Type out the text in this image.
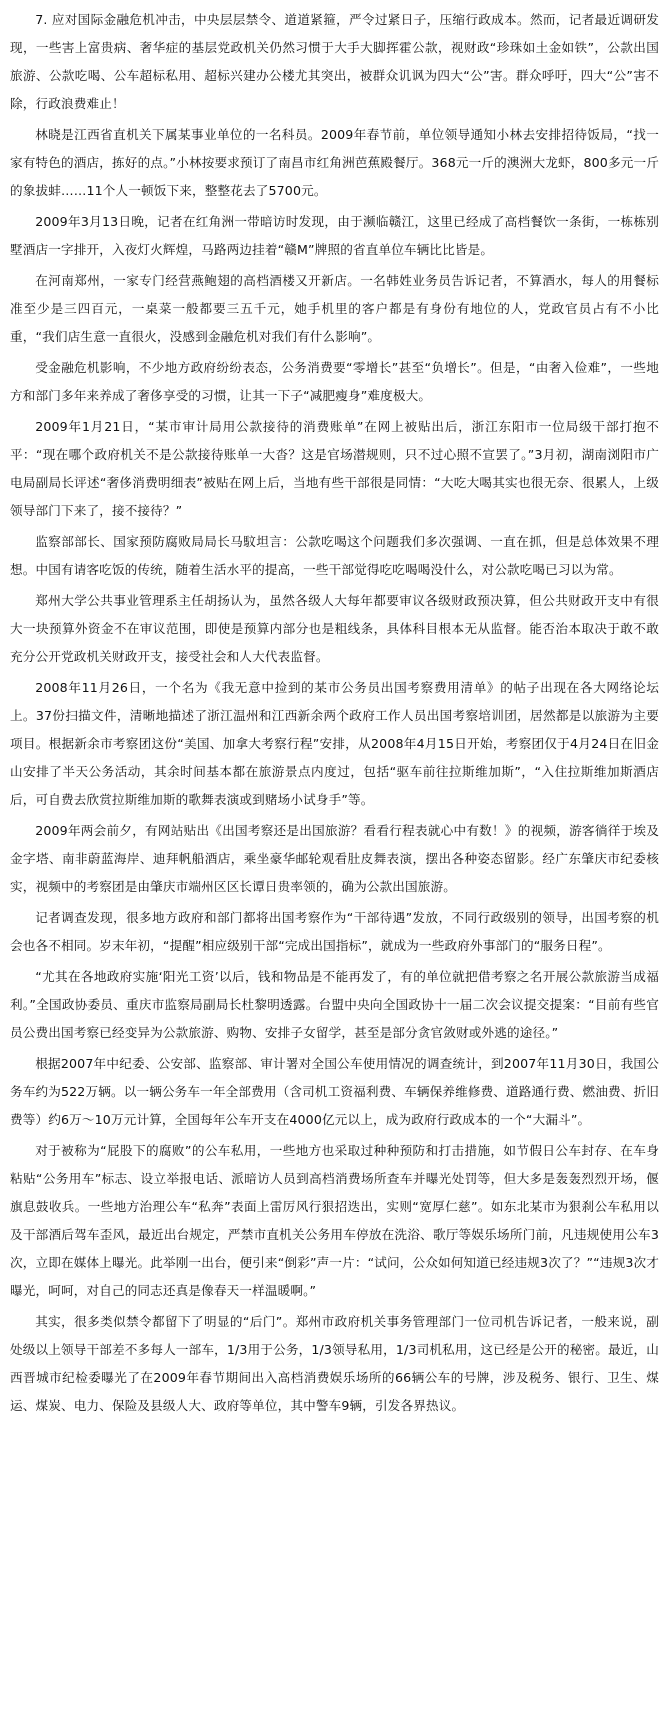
7. 应对国际金融危机冲击，中央层层禁令、道道紧箍，严令过紧日子，压缩行政成本。然而，记者最近调研发现，一些害上富贵病、奢华症的基层党政机关仍然习惯于大手大脚挥霍公款，视财政“珍珠如土金如铁”，公款出国旅游、公款吃喝、公车超标私用、超标兴建办公楼尤其突出，被群众讥讽为四大“公”害。群众呼吁，四大“公”害不除，行政浪费难止！

林晓是江西省直机关下属某事业单位的一名科员。2009年春节前，单位领导通知小林去安排招待饭局，“找一家有特色的酒店，拣好的点。”小林按要求预订了南昌市红角洲芭蕉殿餐厅。368元一斤的澳洲大龙虾，800多元一斤的象拔蚌……11个人一顿饭下来，整整花去了5700元。

2009年3月13日晚，记者在红角洲一带暗访时发现，由于濒临赣江，这里已经成了高档餐饮一条街，一栋栋别墅酒店一字排开，入夜灯火辉煌，马路两边挂着“赣M”牌照的省直单位车辆比比皆是。

在河南郑州，一家专门经营燕鲍翅的高档酒楼又开新店。一名韩姓业务员告诉记者，不算酒水，每人的用餐标准至少是三四百元，一桌菜一般都要三五千元，她手机里的客户都是有身份有地位的人，党政官员占有不小比重，“我们店生意一直很火，没感到金融危机对我们有什么影响”。

受金融危机影响，不少地方政府纷纷表态，公务消费要“零增长”甚至“负增长”。但是，“由奢入俭难”，一些地方和部门多年来养成了奢侈享受的习惯，让其一下子“减肥瘦身”难度极大。

2009年1月21日，“某市审计局用公款接待的消费账单”在网上被贴出后，浙江东阳市一位局级干部打抱不平：“现在哪个政府机关不是公款接待账单一大沓？这是官场潜规则，只不过心照不宣罢了。”3月初，湖南浏阳市广电局副局长评述“奢侈消费明细表”被贴在网上后，当地有些干部很是同情：“大吃大喝其实也很无奈、很累人，上级领导部门下来了，接不接待？”

监察部部长、国家预防腐败局局长马馼坦言：公款吃喝这个问题我们多次强调、一直在抓，但是总体效果不理想。中国有请客吃饭的传统，随着生活水平的提高，一些干部觉得吃吃喝喝没什么，对公款吃喝已习以为常。

郑州大学公共事业管理系主任胡扬认为，虽然各级人大每年都要审议各级财政预决算，但公共财政开支中有很大一块预算外资金不在审议范围，即使是预算内部分也是粗线条，具体科目根本无从监督。能否治本取决于敢不敢充分公开党政机关财政开支，接受社会和人大代表监督。

2008年11月26日，一个名为《我无意中捡到的某市公务员出国考察费用清单》的帖子出现在各大网络论坛上。37份扫描文件，清晰地描述了浙江温州和江西新余两个政府工作人员出国考察培训团，居然都是以旅游为主要项目。根据新余市考察团这份“美国、加拿大考察行程”安排，从2008年4月15日开始，考察团仅于4月24日在旧金山安排了半天公务活动，其余时间基本都在旅游景点内度过，包括“驱车前往拉斯维加斯”，“入住拉斯维加斯酒店后，可自费去欣赏拉斯维加斯的歌舞表演或到赌场小试身手”等。

2009年两会前夕，有网站贴出《出国考察还是出国旅游？看看行程表就心中有数！》的视频，游客徜徉于埃及金字塔、南非蔚蓝海岸、迪拜帆船酒店，乘坐豪华邮轮观看肚皮舞表演，摆出各种姿态留影。经广东肇庆市纪委核实，视频中的考察团是由肇庆市端州区区长谭日贵率领的，确为公款出国旅游。

记者调查发现，很多地方政府和部门都将出国考察作为“干部待遇”发放，不同行政级别的领导，出国考察的机会也各不相同。岁末年初，“提醒”相应级别干部“完成出国指标”，就成为一些政府外事部门的“服务日程”。

“尤其在各地政府实施‘阳光工资’以后，钱和物品是不能再发了，有的单位就把借考察之名开展公款旅游当成福利。”全国政协委员、重庆市监察局副局长杜黎明透露。台盟中央向全国政协十一届二次会议提交提案：“目前有些官员公费出国考察已经变异为公款旅游、购物、安排子女留学，甚至是部分贪官敛财或外逃的途径。”

根据2007年中纪委、公安部、监察部、审计署对全国公车使用情况的调查统计，到2007年11月30日，我国公务车约为522万辆。以一辆公务车一年全部费用（含司机工资福利费、车辆保养维修费、道路通行费、燃油费、折旧费等）约6万～10万元计算，全国每年公车开支在4000亿元以上，成为政府行政成本的一个“大漏斗”。

对于被称为“屁股下的腐败”的公车私用，一些地方也采取过种种预防和打击措施，如节假日公车封存、在车身粘贴“公务用车”标志、设立举报电话、派暗访人员到高档消费场所查车并曝光处罚等，但大多是轰轰烈烈开场，偃旗息鼓收兵。一些地方治理公车“私奔”表面上雷厉风行狠招迭出，实则“宽厚仁慈”。如东北某市为狠刹公车私用以及干部酒后驾车歪风，最近出台规定，严禁市直机关公务用车停放在洗浴、歌厅等娱乐场所门前，凡违规使用公车3次，立即在媒体上曝光。此举刚一出台，便引来“倒彩”声一片：“试问，公众如何知道已经违规3次了？”“违规3次才曝光，呵呵，对自己的同志还真是像春天一样温暖啊。”

其实，很多类似禁令都留下了明显的“后门”。郑州市政府机关事务管理部门一位司机告诉记者，一般来说，副处级以上领导干部差不多每人一部车，1/3用于公务，1/3领导私用，1/3司机私用，这已经是公开的秘密。最近，山西晋城市纪检委曝光了在2009年春节期间出入高档消费娱乐场所的66辆公车的号牌，涉及税务、银行、卫生、煤运、煤炭、电力、保险及县级人大、政府等单位，其中警车9辆，引发各界热议。
